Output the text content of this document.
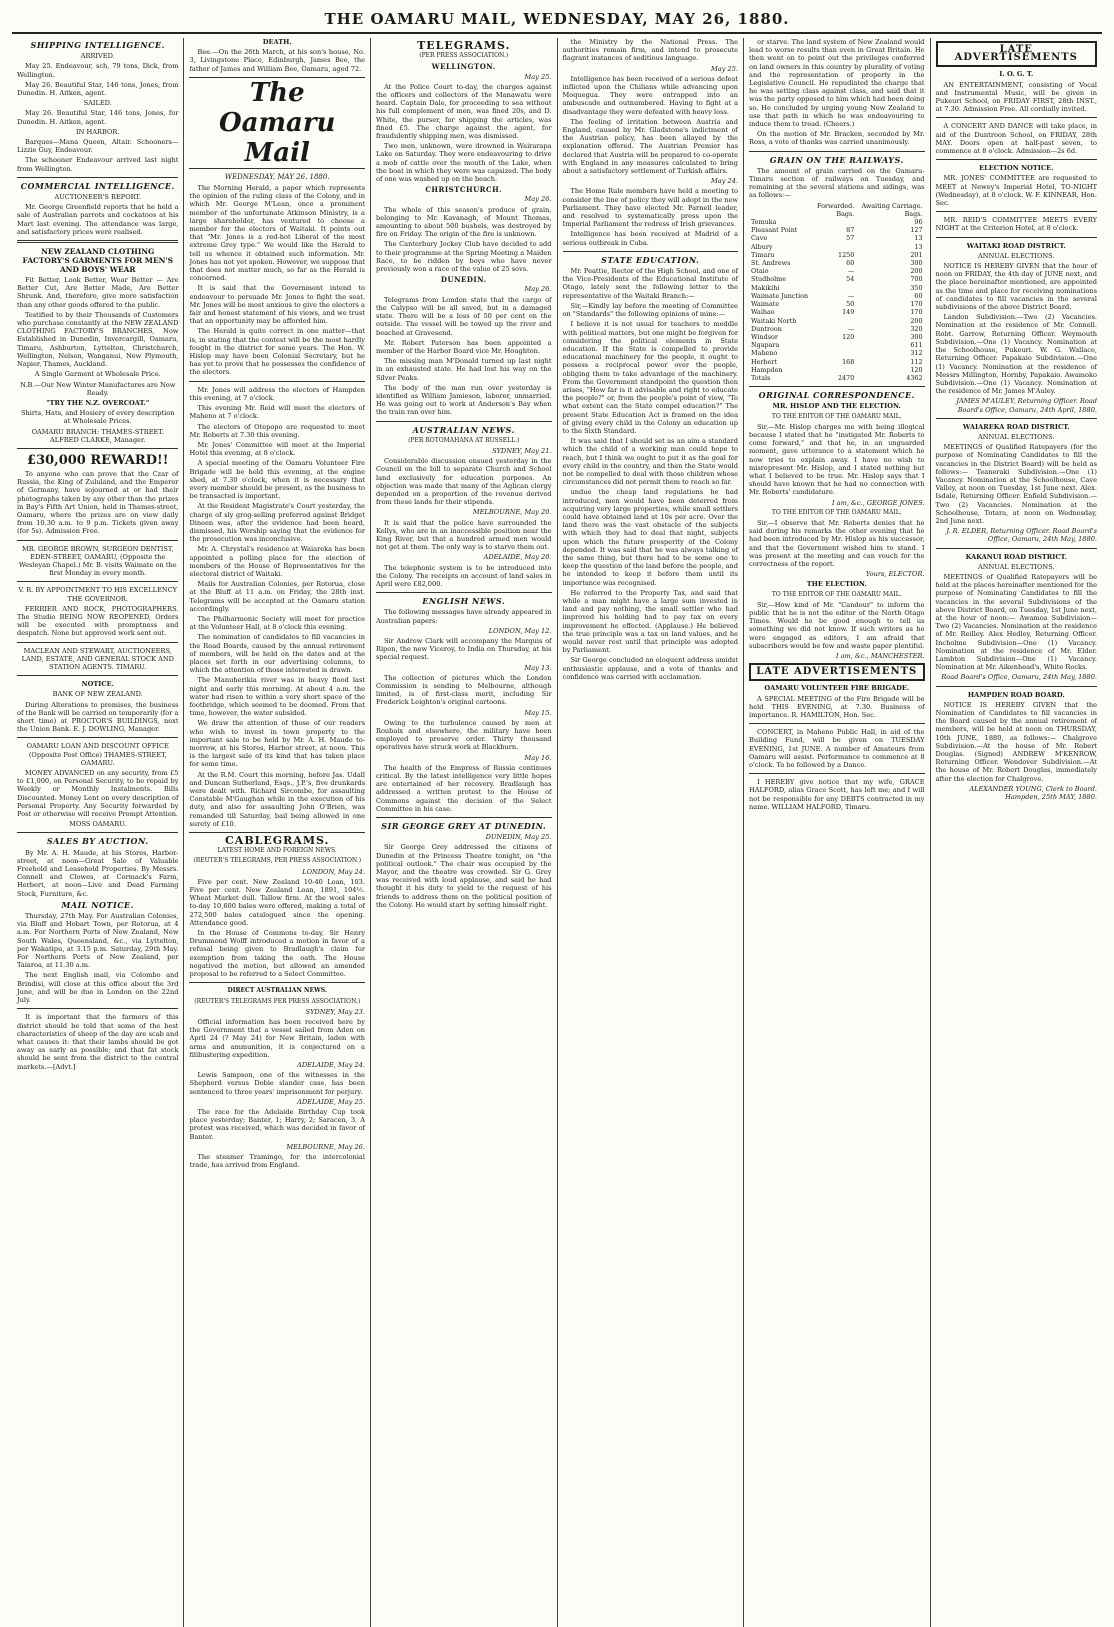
THE OAMARU MAIL, WEDNESDAY, MAY 26, 1880.
SHIPPING INTELLIGENCE.

ARRIVED.

May 25. Endeavour, sch, 79 tons, Dick, from Wellington.

May 26. Beautiful Star, 146 tons, Jones, from Dunedin. H. Aitken, agent.

SAILED.

May 26. Beautiful Star, 146 tons, Jones, for Dunedin. H. Aitken, agent.

IN HARBOR.

Barques—Mana Queen, Altair. Schooners—Lizzie Guy, Endeavour.

The schooner Endeavour arrived last night from Wellington.

COMMERCIAL INTELLIGENCE.

AUCTIONEER'S REPORT.

Mr. George Greenfield reports that he held a sale of Australian parrots and cockatoos at his Mart last evening. The attendance was large, and satisfactory prices were realised.

NEW ZEALAND CLOTHING FACTORY'S GARMENTS FOR MEN'S AND BOYS' WEAR

Fit Better, Look Better, Wear Better — Are Better Cut, Are Better Made, Are Better Shrunk. And, therefore, give more satisfaction than any other goods offered to the public.

Testified to by their Thousands of Customers who purchase constantly at the NEW ZEALAND CLOTHING FACTORY'S BRANCHES, Now Established in Dunedin, Invercargill, Oamaru, Timaru, Ashburton, Lyttelton, Christchurch, Wellington, Nelson, Wanganui, New Plymouth, Napier, Thames, Auckland.

A Single Garment at Wholesale Price.

N.B.—Our New Winter Manufactures are Now Ready.

"TRY THE N.Z. OVERCOAT."

Shirts, Hats, and Hosiery of every description at Wholesale Prices.

OAMARU BRANCH: THAMES-STREET. ALFRED CLARKE, Manager.

£30,000 REWARD!!

To anyone who can prove that the Czar of Russia, the King of Zululand, and the Emperor of Germany, have sojourned at or had their photographs taken by any other than the prizes in Bay's Fifth Art Union, held in Thames-street, Oamaru, where the prizes are on view daily from 10.30 a.m. to 9 p.m. Tickets given away (for 5s). Admission Free.

MR. GEORGE BROWN, SURGEON DENTIST, EDEN-STREET, OAMARU, (Opposite the Wesleyan Chapel.) Mr. B. visits Waimate on the first Monday in every month.

V. R. BY APPOINTMENT TO HIS EXCELLENCY THE GOVERNOR.

FERRIER AND ROCK, PHOTOGRAPHERS. The Studio BEING NOW REOPENED, Orders will be executed with promptness and despatch. None but approved work sent out.

MACLEAN AND STEWART, AUCTIONEERS, LAND, ESTATE, AND GENERAL STOCK AND STATION AGENTS. TIMARU.

NOTICE.

BANK OF NEW ZEALAND.

During Alterations to premises, the business of the Bank will be carried on temporarily (for a short time) at PROCTOR'S BUILDINGS, next the Union Bank. E. J. DOWLING, Manager.

OAMARU LOAN AND DISCOUNT OFFICE (Opposite Post Office) THAMES-STREET, OAMARU.

MONEY ADVANCED on any security, from £5 to £1,000, on Personal Security, to be repaid by Weekly or Monthly Instalments. Bills Discounted. Money Lent on every description of Personal Property. Any Security forwarded by Post or otherwise will receive Prompt Attention.

MOSS OAMARU.

SALES BY AUCTION.

By Mr. A. H. Maude, at his Stores, Harbor-street, at noon—Great Sale of Valuable Freehold and Leasehold Properties. By Messrs. Connell and Clowes, at Cormack's Farm, Herbert, at noon—Live and Dead Farming Stock, Furniture, &c.

MAIL NOTICE.

Thursday, 27th May. For Australian Colonies, via Bluff and Hobart Town, per Rotorua, at 4 a.m. For Northern Ports of New Zealand, New South Wales, Queensland, &c., via Lyttelton, per Wakatipu, at 3.15 p.m. Saturday, 29th May. For Northern Ports of New Zealand, per Taiaroa, at 11.30 a.m.

The next English mail, via Colombo and Brindisi, will close at this office about the 3rd June, and will be due in London on the 22nd July.

It is important that the farmers of this district should be told that some of the best characteristics of sheep of the day are scab and what causes it: that their lambs should be got away as early as possible; and that fat stock should be sent from the district to the central markets.—[Advt.]

DEATH.

Bee.—On the 26th March, at his son's house, No. 3, Livingstone Place, Edinburgh, James Bee, the father of James and William Bee, Oamaru, aged 72.

The Oamaru Mail
WEDNESDAY, MAY 26, 1880.

The Morning Herald, a paper which represents the opinion of the ruling class of the Colony, and in which Mr. George M'Lean, once a prominent member of the unfortunate Atkinson Ministry, is a large shareholder, has ventured to choose a member for the electors of Waitaki. It points out that "Mr. Jones is a red-hot Liberal of the most extreme Grey type." We would like the Herald to tell us whence it obtained such information. Mr. Jones has not yet spoken. However, we suppose that that does not matter much, so far as the Herald is concerned.

It is said that the Government intend to endeavour to persuade Mr. Jones to fight the seat. Mr. Jones will be most anxious to give the electors a fair and honest statement of his views, and we trust that an opportunity may be afforded him.

The Herald is quite correct in one matter—that is, in stating that the contest will be the most hardly fought in the district for some years. The Hon. W. Hislop may have been Colonial Secretary, but he has yet to prove that he possesses the confidence of the electors.

Mr. Jones will address the electors of Hampden this evening, at 7 o'clock.

This evening Mr. Reid will meet the electors of Maheno at 7 o'clock.

The electors of Otepopo are requested to meet Mr. Roberts at 7.30 this evening.

Mr. Jones' Committee will meet at the Imperial Hotel this evening, at 8 o'clock.

A special meeting of the Oamaru Volunteer Fire Brigade will be held this evening, at the engine shed, at 7.30 o'clock, when it is necessary that every member should be present, as the business to be transacted is important.

At the Resident Magistrate's Court yesterday, the charge of sly grog-selling preferred against Bridget Dineen was, after the evidence had been heard, dismissed, his Worship saying that the evidence for the prosecution was inconclusive.

Mr. A. Chrystal's residence at Waiareka has been appointed a polling place for the election of members of the House of Representatives for the electoral district of Waitaki.

Mails for Australian Colonies, per Rotorua, close at the Bluff at 11 a.m. on Friday, the 28th inst. Telegrams will be accepted at the Oamaru station accordingly.

The Philharmonic Society will meet for practice at the Volunteer Hall, at 8 o'clock this evening.

The nomination of candidates to fill vacancies in the Road Boards, caused by the annual retirement of members, will be held on the dates and at the places set forth in our advertising columns, to which the attention of those interested is drawn.

The Manuherikia river was in heavy flood last night and early this morning. At about 4 a.m. the water had risen to within a very short space of the footbridge, which seemed to be doomed. From that time, however, the water subsided.

We draw the attention of those of our readers who wish to invest in town property to the important sale to be held by Mr. A. H. Maude to-morrow, at his Stores, Harbor street, at noon. This is the largest sale of its kind that has taken place for some time.

At the R.M. Court this morning, before Jas. Udall and Duncan Sutherland, Esqs., J.P.'s, five drunkards were dealt with. Richard Sircombe, for assaulting Constable M'Gaughan while in the execution of his duty, and also for assaulting John O'Brien, was remanded till Saturday, bail being allowed in one surety of £10.

CABLEGRAMS.
LATEST HOME AND FOREIGN NEWS.
(REUTER'S TELEGRAMS, PER PRESS ASSOCIATION.)

LONDON, May 24.

Five per cent. New Zealand 10-40 Loan, 103. Five per cent. New Zealand Loan, 1891, 104½. Wheat Market dull. Tallow firm. At the wool sales to-day 10,600 bales were offered, making a total of 272,500 bales catalogued since the opening. Attendance good.

In the House of Commons to-day, Sir Henry Drummond Wolff introduced a motion in favor of a refusal being given to Bradlaugh's claim for exemption from taking the oath. The House negatived the motion, but allowed an amended proposal to be referred to a Select Committee.

DIRECT AUSTRALIAN NEWS.
(REUTER'S TELEGRAMS PER PRESS ASSOCIATION.)

SYDNEY, May 23.

Official information has been received here by the Government that a vessel sailed from Aden on April 24 (? May 24) for New Britain, laden with arms and ammunition, it is conjectured on a filibustering expedition.

ADELAIDE, May 24.

Lewis Sampson, one of the witnesses in the Shepherd versus Dobie slander case, has been sentenced to three years' imprisonment for perjury.

ADELAIDE, May 25.

The race for the Adelaide Birthday Cup took place yesterday; Banter, 1; Harry, 2; Saracen, 3. A protest was received, which was decided in favor of Banter.

MELBOURNE, May 26.

The steamer Tramingo, for the intercolonial trade, has arrived from England.

TELEGRAMS.
(PER PRESS ASSOCIATION.)
WELLINGTON.

May 25.

At the Police Court to-day, the charges against the officers and collectors of the Manawatu were heard. Captain Dale, for proceeding to sea without his full complement of men, was fined 20s, and D. White, the purser, for shipping the articles, was fined £5. The charge against the agent, for fraudulently shipping men, was dismissed.

Two men, unknown, were drowned in Wairarapa Lake on Saturday. They were endeavouring to drive a mob of cattle over the mouth of the Lake, when the boat in which they were was capsized. The body of one was washed up on the beach.

CHRISTCHURCH.

May 26.

The whole of this season's produce of grain, belonging to Mr. Kavanagh, of Mount Thomas, amounting to about 500 bushels, was destroyed by fire on Friday. The origin of the fire is unknown.

The Canterbury Jockey Club have decided to add to their programme at the Spring Meeting a Maiden Race, to be ridden by boys who have never previously won a race of the value of 25 sovs.

DUNEDIN.

May 26.

Telegrams from London state that the cargo of the Calypso will be all saved, but in a damaged state. There will be a loss of 50 per cent on the outside. The vessel will be towed up the river and beached at Gravesend.

Mr. Robert Paterson has been appointed a member of the Harbor Board vice Mr. Houghton.

The missing man M'Donald turned up last night in an exhausted state. He had lost his way on the Silver Peaks.

The body of the man run over yesterday is identified as William Jamieson, laborer, unmarried. He was going out to work at Anderson's Bay when the train ran over him.

AUSTRALIAN NEWS.
(PER ROTOMAHANA AT RUSSELL.)

SYDNEY, May 21.

Considerable discussion ensued yesterday in the Council on the bill to separate Church and School land exclusively for education purposes. An objection was made that many of the Aglican clergy depended on a proportion of the revenue derived from these lands for their stipends.

MELBOURNE, May 20.

It is said that the police have surrounded the Kellys, who are in an inaccessible position near the King River, but that a hundred armed men would not get at them. The only way is to starve them out.

ADELAIDE, May 20.

The telephonic system is to be introduced into the Colony. The receipts on account of land sales in April were £82,000.

ENGLISH NEWS.

The following messages have already appeared in Australian papers:

LONDON, May 12.

Sir Andrew Clark will accompany the Marquis of Ripon, the new Viceroy, to India on Thursday, at his special request.

May 13.

The collection of pictures which the London Commission is sending to Melbourne, although limited, is of first-class merit, including Sir Frederick Leighton's original cartoons.

May 15.

Owing to the turbulence caused by men at Roubaix and elsewhere, the military have been employed to preserve order. Thirty thousand operatives have struck work at Blackburn.

May 16.

The health of the Empress of Russia continues critical. By the latest intelligence very little hopes are entertained of her recovery. Bradlaugh has addressed a written protest to the House of Commons against the decision of the Select Committee in his case.

SIR GEORGE GREY AT DUNEDIN.

DUNEDIN, May 25.

Sir George Grey addressed the citizens of Dunedin at the Princess Theatre tonight, on "the political outlook." The chair was occupied by the Mayor, and the theatre was crowded. Sir G. Grey was received with loud applause, and said he had thought it his duty to yield to the request of his friends to address them on the political position of the Colony. He would start by setting himself right.

the Ministry by the National Press. The authorities remain firm, and intend to prosecute flagrant instances of seditious language.

May 25.

Intelligence has been received of a serious defeat inflicted upon the Chilians while advancing upon Moquegua. They were entrapped into an ambuscade and outnumbered. Having to fight at a disadvantage they were defeated with heavy loss.

The feeling of irritation between Austria and England, caused by Mr. Gladstone's indictment of the Austrian policy, has been allayed by the explanation offered. The Austrian Premier has declared that Austria will be prepared to co-operate with England in any measures calculated to bring about a satisfactory settlement of Turkish affairs.

May 24.

The Home Rule members have held a meeting to consider the line of policy they will adopt in the new Parliament. They have elected Mr. Parnell leader, and resolved to systematically press upon the Imperial Parliament the redress of Irish grievances.

Intelligence has been received at Madrid of a serious outbreak in Cuba.

STATE EDUCATION.

Mr. Peattie, Rector of the High School, and one of the Vice-Presidents of the Educational Institute of Otago, lately sent the following letter to the representative of the Waitaki Branch:—

Sir,—Kindly lay before the meeting of Committee on "Standards" the following opinions of mine:—

I believe it is not usual for teachers to meddle with political matters, but one might be forgiven for considering the political elements in State education. If the State is compelled to provide educational machinery for the people, it ought to possess a reciprocal power over the people, obliging them to take advantage of the machinery. From the Government standpoint the question then arises, "How far is it advisable and right to educate the people?" or, from the people's point of view, "To what extent can the State compel education?" The present State Education Act is framed on the idea of giving every child in the Colony an education up to the Sixth Standard.

It was said that I should set as an aim a standard which the child of a working man could hope to reach, but I think we ought to put it as the goal for every child in the country, and then the State would not be compelled to deal with those children whose circumstances did not permit them to reach so far.

undue the cheap land regulations he had introduced, men would have been deterred from acquiring very large properties, while small settlers could have obtained land at 10s per acre. Over the land there was the vast obstacle of the subjects with which they had to deal that night, subjects upon which the future prosperity of the Colony depended. It was said that he was always talking of the same thing, but there had to be some one to keep the question of the land before the people, and he intended to keep it before them until its importance was recognised.

He referred to the Property Tax, and said that while a man might have a large sum invested in land and pay nothing, the small settler who had improved his holding had to pay tax on every improvement he effected. (Applause.) He believed the true principle was a tax on land values, and he would never rest until that principle was adopted by Parliament.

Sir George concluded an eloquent address amidst enthusiastic applause, and a vote of thanks and confidence was carried with acclamation.

or starve. The land system of New Zealand would lead to worse results than even in Great Britain. He then went on to point out the privileges conferred on land owners in this country by plurality of voting and the representation of property in the Legislative Council. He repudiated the charge that he was setting class against class, and said that it was the party opposed to him which had been doing so. He concluded by urging young New Zealand to use that path in which he was endeavouring to induce them to tread. (Cheers.)

On the motion of Mr. Bracken, seconded by Mr. Ross, a vote of thanks was carried unanimously.

GRAIN ON THE RAILWAYS.

The amount of grain carried on the Oamaru-Timaru section of railways on Tuesday, and remaining at the several stations and sidings, was as follows:—

	Forwarded.	Awaiting Carriage.
	Bags.	Bags.
Temuka		96
Pleasant Point	87	127
Cave	57	13
Albury		13
Timaru	1250	201
St. Andrews	60	300
Otaio	—	200
Studholme	54	700
Makikihi		350
Waimate Junction	—	60
Waimate	50	170
Waihao	149	170
Waitaki North		200
Duntroon	—	320
Windsor	120	300
Ngapara		611
Maheno		312
Herbert	168	112
Hampden		120
Totals	2470	4362
ORIGINAL CORRESPONDENCE.

MR. HISLOP AND THE ELECTION.

TO THE EDITOR OF THE OAMARU MAIL.

Sir,—Mr. Hislop charges me with being illogical because I stated that he "instigated Mr. Roberts to come forward," and that he, in an unguarded moment, gave utterance to a statement which he now tries to explain away. I have no wish to misrepresent Mr. Hislop, and I stated nothing but what I believed to be true. Mr. Hislop says that I should have known that he had no connection with Mr. Roberts' candidature.

I am, &c., GEORGE JONES.

TO THE EDITOR OF THE OAMARU MAIL.

Sir,—I observe that Mr. Roberts denies that he said during his remarks the other evening that he had been introduced by Mr. Hislop as his successor, and that the Government wished him to stand. I was present at the meeting and can vouch for the correctness of the report.

Yours, ELECTOR.

THE ELECTION.

TO THE EDITOR OF THE OAMARU MAIL.

Sir,—How kind of Mr. "Candour" to inform the public that he is not the editor of the North Otago Times. Would he be good enough to tell us something we did not know. If such writers as he were engaged as editors, I am afraid that subscribers would be few and waste paper plentiful.

I am, &c., MANCHESTER.

LATE ADVERTISEMENTS

OAMARU VOLUNTEER FIRE BRIGADE.

A SPECIAL MEETING of the Fire Brigade will be held THIS EVENING, at 7.30. Business of importance. R. HAMILTON, Hon. Sec.

CONCERT, in Maheno Public Hall, in aid of the Building Fund, will be given on TUESDAY EVENING, 1st JUNE. A number of Amateurs from Oamaru will assist. Performance to commence at 8 o'clock. To be followed by a Dance.

I HEREBY give notice that my wife, GRACE HALFORD, alias Grace Scott, has left me; and I will not be responsible for any DEBTS contracted in my name. WILLIAM HALFORD, Timaru.

LATE ADVERTISEMENTS

I. O. G. T.

AN ENTERTAINMENT, consisting of Vocal and Instrumental Music, will be given in Pukeuri School, on FRIDAY FIRST, 28th INST., at 7.30. Admission Free. All cordially invited.

A CONCERT AND DANCE will take place, in aid of the Duntroon School, on FRIDAY, 28th MAY. Doors open at half-past seven, to commence at 8 o'clock. Admission—2s 6d.

ELECTION NOTICE.

MR. JONES' COMMITTEE are requested to MEET at Newey's Imperial Hotel, TO-NIGHT (Wednesday), at 8 o'clock. W. F. KINNEAR, Hon. Sec.

MR. REID'S COMMITTEE MEETS EVERY NIGHT at the Criterion Hotel, at 8 o'clock.

WAITAKI ROAD DISTRICT.

ANNUAL ELECTIONS.

NOTICE IS HEREBY GIVEN that the hour of noon on FRIDAY, the 4th day of JUNE next, and the place hereinafter mentioned, are appointed as the time and place for receiving nominations of candidates to fill vacancies in the several subdivisions of the above District Board.

Landon Subdivision.—Two (2) Vacancies. Nomination at the residence of Mr. Connell. Robt. Garrow, Returning Officer. Weymouth Subdivision.—One (1) Vacancy. Nomination at the Schoolhouse, Pukeuri. W. G. Wallace, Returning Officer. Papakaio Subdivision.—One (1) Vacancy. Nomination at the residence of Messrs Millington, Hornby, Papakaio. Awamoko Subdivision.—One (1) Vacancy. Nomination at the residence of Mr. James M'Auley.

JAMES M'AULEY, Returning Officer. Road Board's Office, Oamaru, 24th April, 1880.

WAIAREKA ROAD DISTRICT.

ANNUAL ELECTIONS.

MEETINGS of Qualified Ratepayers (for the purpose of Nominating Candidates to fill the vacancies in the District Board) will be held as follows:— Teaneraki Subdivision.—One (1) Vacancy. Nomination at the Schoolhouse, Cave Valley, at noon on Tuesday, 1st June next. Alex. Isdale, Returning Officer. Enfield Subdivision.—Two (2) Vacancies. Nomination at the Schoolhouse, Totara, at noon on Wednesday, 2nd June next.

J. R. ELDER, Returning Officer. Road Board's Office, Oamaru, 24th May, 1880.

KAKANUI ROAD DISTRICT.

ANNUAL ELECTIONS.

MEETINGS of Qualified Ratepayers will be held at the places hereinafter mentioned for the purpose of Nominating Candidates to fill the vacancies in the several Subdivisions of the above District Board, on Tuesday, 1st June next, at the hour of noon:— Awamoa Subdivision—Two (2) Vacancies. Nomination at the residence of Mr. Reilley. Alex Hedley, Returning Officer. Incholme Subdivision—One (1) Vacancy. Nomination at the residence of Mr. Elder. Lambton Subdivision—One (1) Vacancy. Nomination at Mr. Aikenhead's, White Rocks.

Road Board's Office, Oamaru, 24th May, 1880.

HAMPDEN ROAD BOARD.

NOTICE IS HEREBY GIVEN that the Nomination of Candidates to fill vacancies in the Board caused by the annual retirement of members, will be held at noon on THURSDAY, 10th JUNE, 1880, as follows:— Chalgrove Subdivision.—At the house of Mr. Robert Douglas. (Signed) ANDREW M'KENROW, Returning Officer. Wendover Subdivision.—At the house of Mr. Robert Douglas, immediately after the election for Chalgrove.

ALEXANDER YOUNG, Clerk to Board. Hampden, 25th MAY, 1880.
